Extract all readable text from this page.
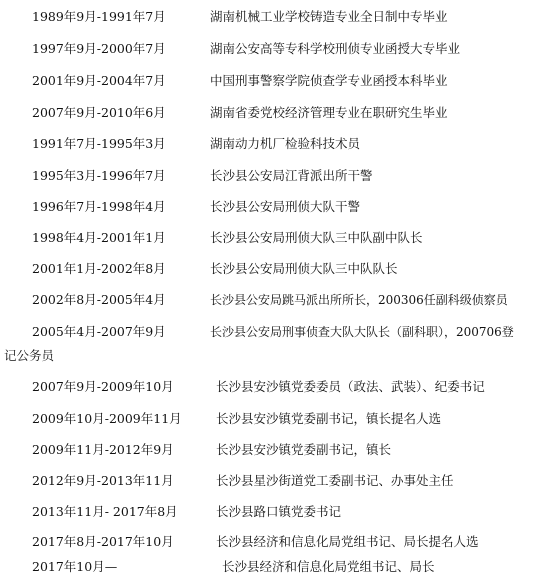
1989年9月-1991年7月	湖南机械工业学校铸造专业全日制中专毕业
1997年9月-2000年7月	湖南公安高等专科学校刑侦专业函授大专毕业
2001年9月-2004年7月	中国刑事警察学院侦查学专业函授本科毕业
2007年9月-2010年6月	湖南省委党校经济管理专业在职研究生毕业
1991年7月-1995年3月	湖南动力机厂检验科技术员
1995年3月-1996年7月	长沙县公安局江背派出所干警
1996年7月-1998年4月	长沙县公安局刑侦大队干警
1998年4月-2001年1月	长沙县公安局刑侦大队三中队副中队长
2001年1月-2002年8月	长沙县公安局刑侦大队三中队队长
2002年8月-2005年4月	长沙县公安局跳马派出所所长，200306任副科级侦察员
2005年4月-2007年9月	长沙县公安局刑事侦查大队大队长（副科职），200706登
记公务员
2007年9月-2009年10月	长沙县安沙镇党委委员（政法、武装）、纪委书记
2009年10月-2009年11月	长沙县安沙镇党委副书记，镇长提名人选
2009年11月-2012年9月	长沙县安沙镇党委副书记，镇长
2012年9月-2013年11月	长沙县星沙街道党工委副书记、办事处主任
2013年11月- 2017年8月	长沙县路口镇党委书记
2017年8月-2017年10月	长沙县经济和信息化局党组书记、局长提名人选
2017年10月—	长沙县经济和信息化局党组书记、局长
